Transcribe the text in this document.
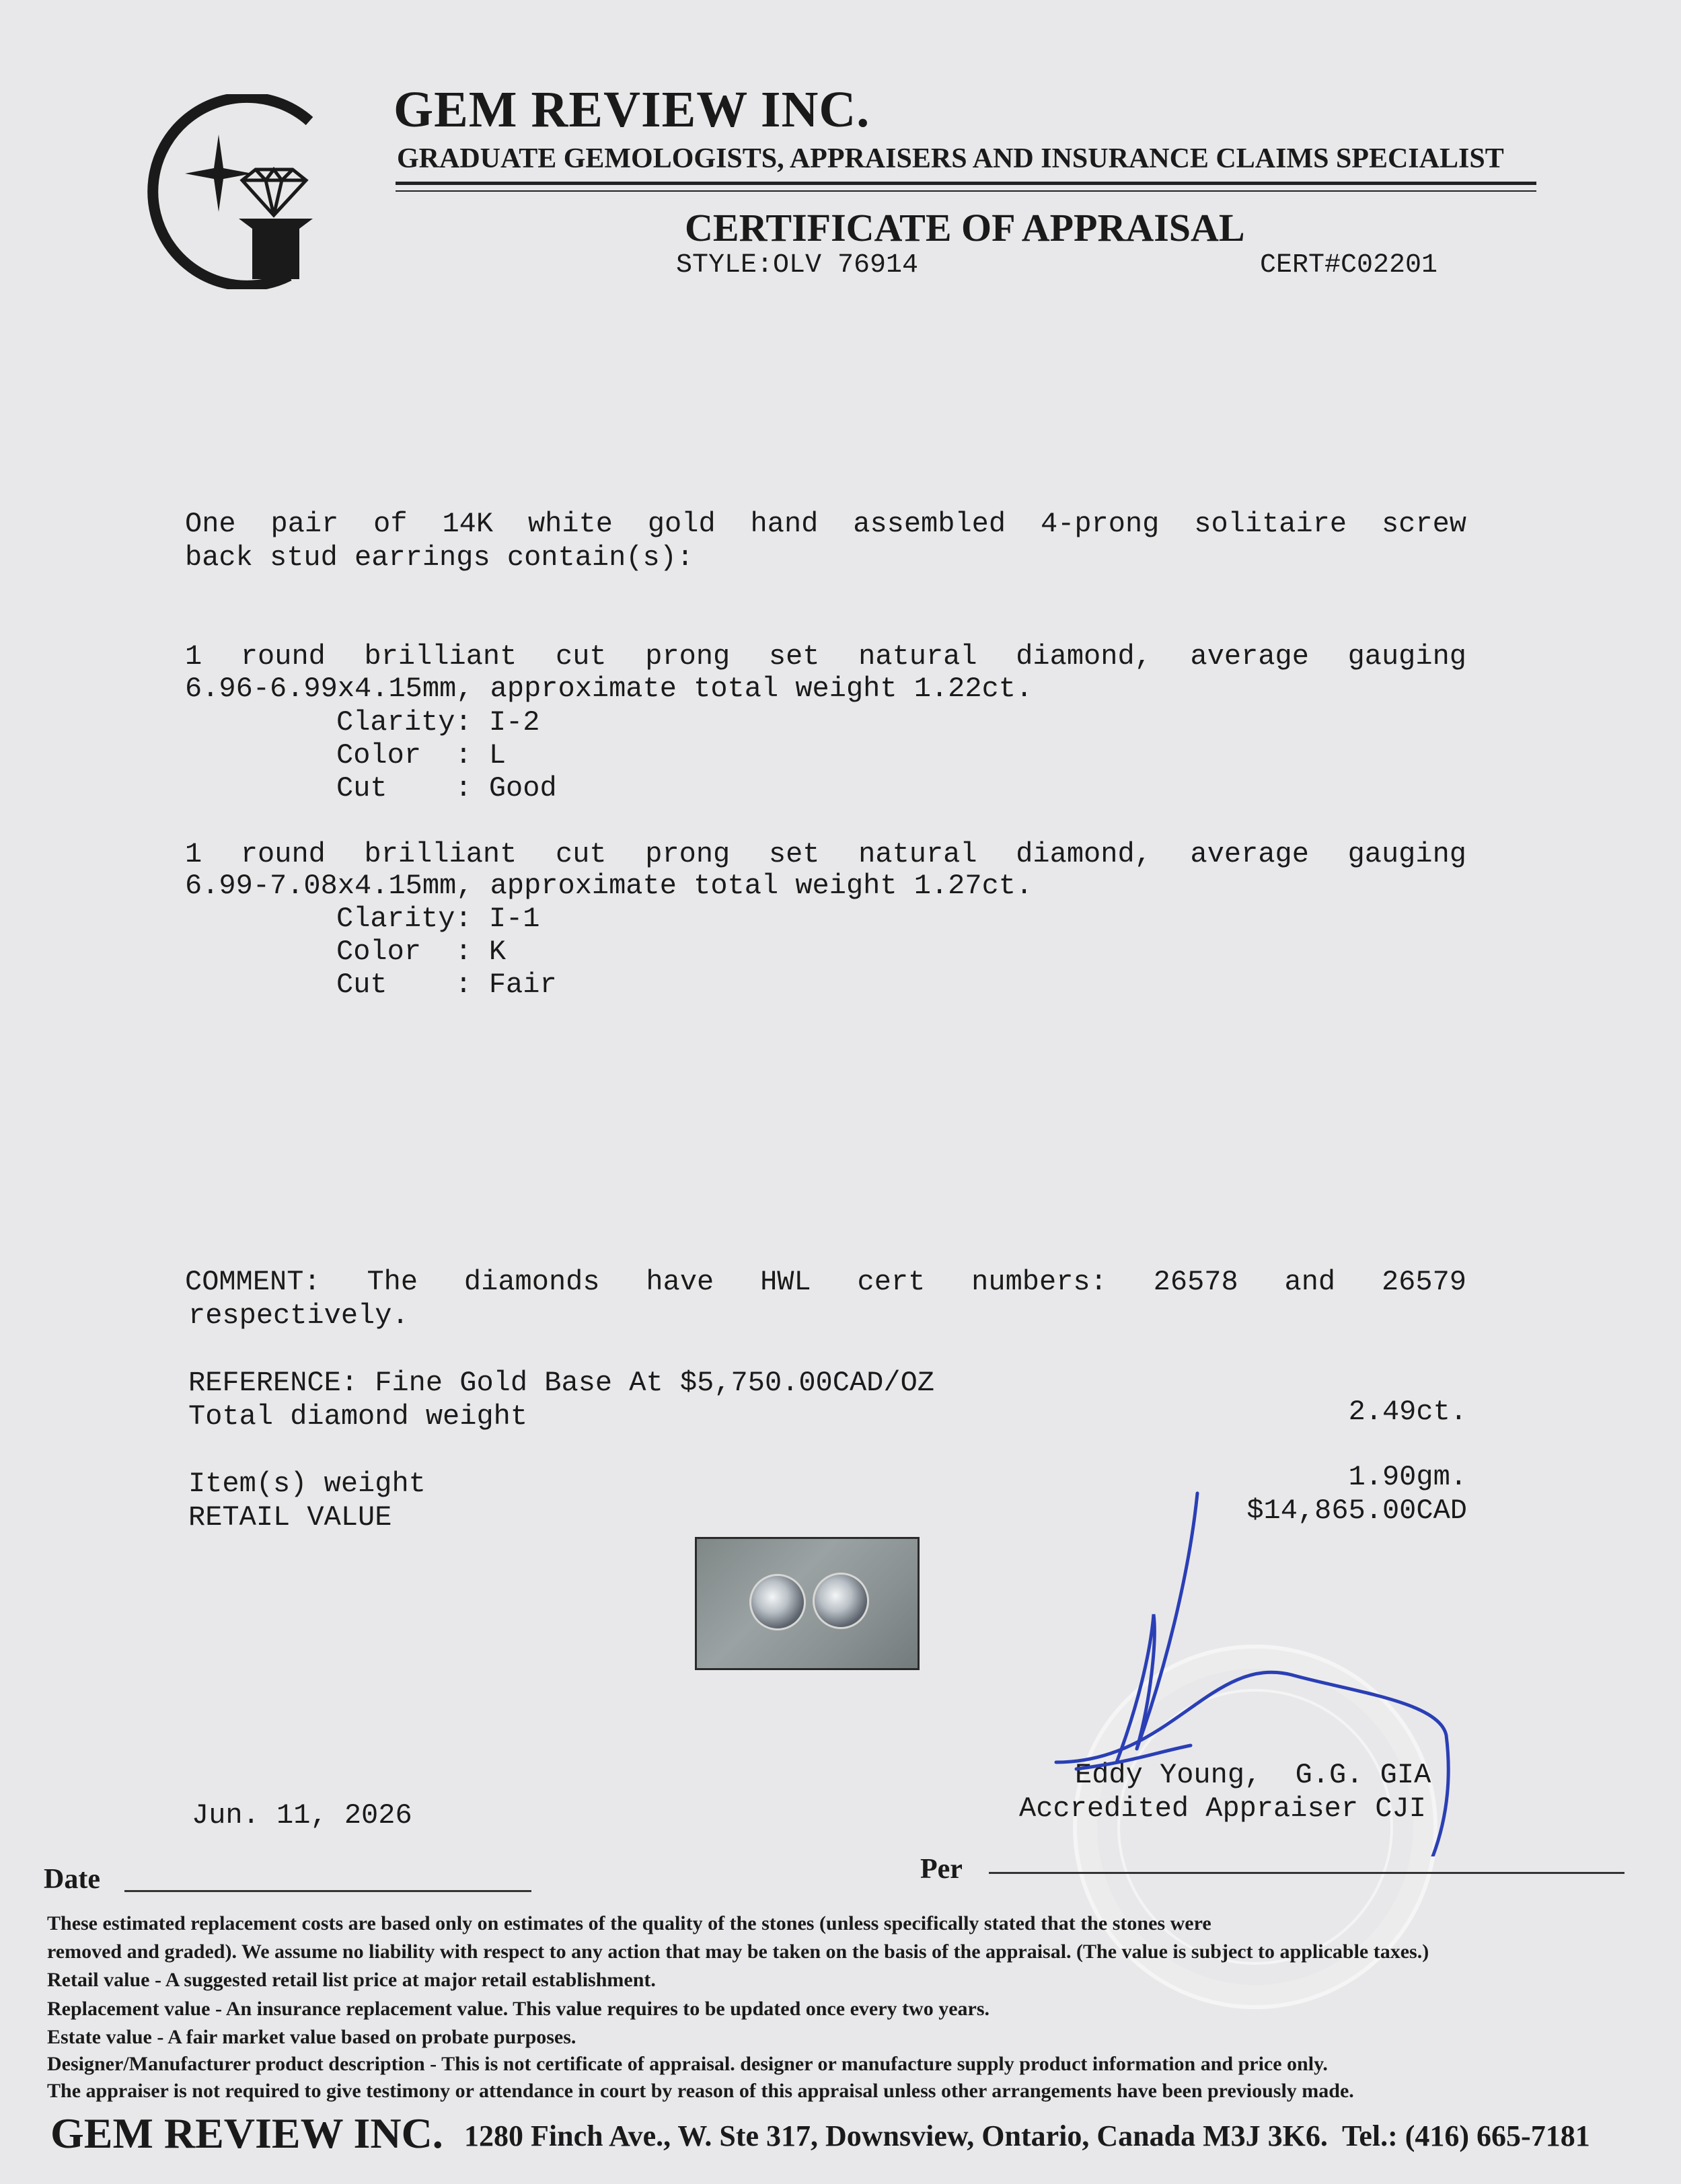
GEM REVIEW INC.
GRADUATE GEMOLOGISTS, APPRAISERS AND INSURANCE CLAIMS SPECIALIST
CERTIFICATE OF APPRAISAL
STYLE:OLV 76914	CERT#C02201
One pair of 14K white gold hand assembled 4-prong solitaire screw
back stud earrings contain(s):
1 round brilliant cut prong set natural diamond, average gauging
6.96-6.99x4.15mm, approximate total weight 1.22ct.
Clarity: I-2
Color  : L
Cut    : Good
1 round brilliant cut prong set natural diamond, average gauging
6.99-7.08x4.15mm, approximate total weight 1.27ct.
Clarity: I-1
Color  : K
Cut    : Fair
COMMENT: The diamonds have HWL cert numbers: 26578 and 26579
respectively.
REFERENCE: Fine Gold Base At $5,750.00CAD/OZ
Total diamond weight	2.49ct.
Item(s) weight	1.90gm.
RETAIL VALUE	$14,865.00CAD
Eddy Young,  G.G. GIA
Accredited Appraiser CJI
Jun. 11, 2026
Date	Per
These estimated replacement costs are based only on estimates of the quality of the stones (unless specifically stated that the stones were
removed and graded). We assume no liability with respect to any action that may be taken on the basis of the appraisal. (The value is subject to applicable taxes.)
Retail value - A suggested retail list price at major retail establishment.
Replacement value - An insurance replacement value. This value requires to be updated once every two years.
Estate value - A fair market value based on probate purposes.
Designer/Manufacturer product description - This is not certificate of appraisal. designer or manufacture supply product information and price only.
The appraiser is not required to give testimony or attendance in court by reason of this appraisal unless other arrangements have been previously made.
GEM REVIEW INC. 1280 Finch Ave., W. Ste 317, Downsview, Ontario, Canada M3J 3K6.  Tel.: (416) 665-7181
